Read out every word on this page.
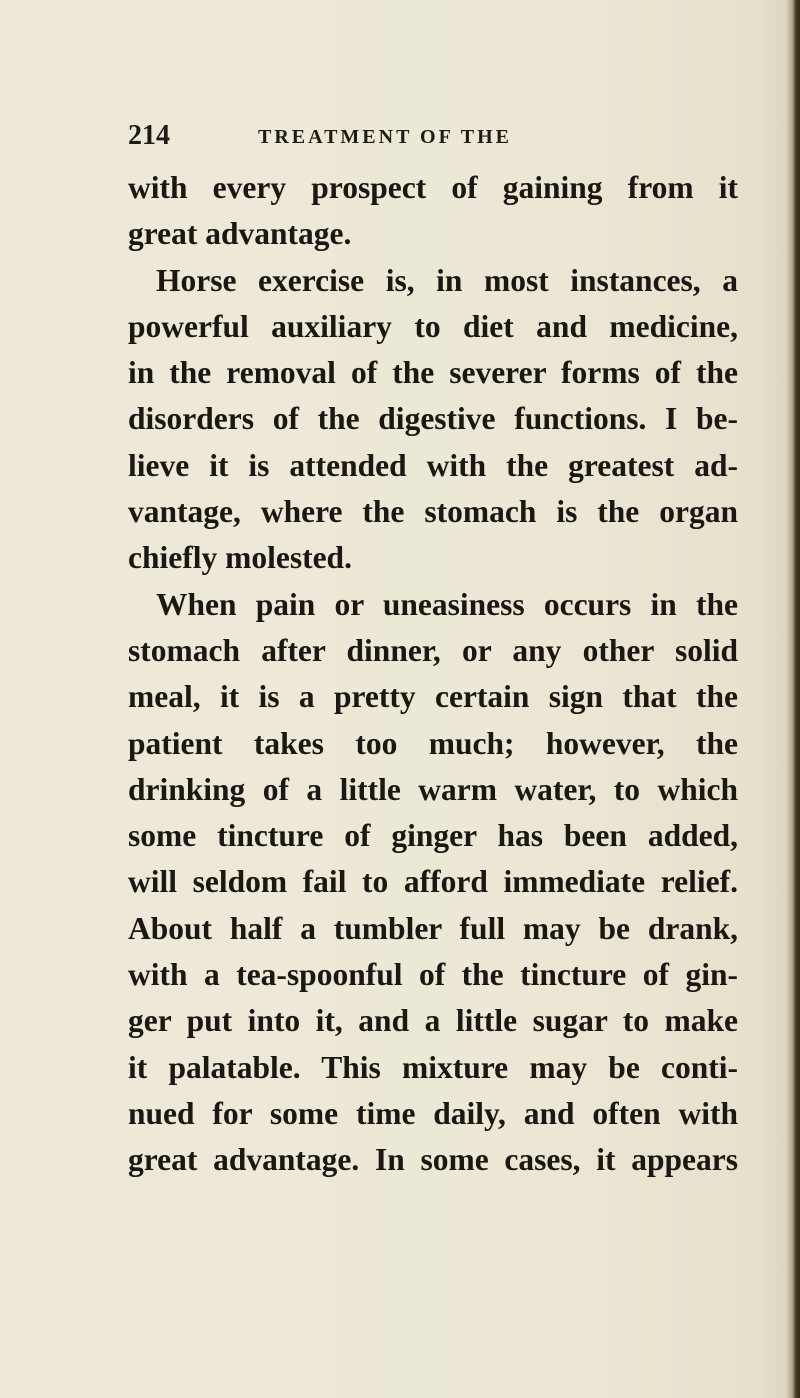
214	TREATMENT OF THE
with every prospect of gaining from it
great advantage.
Horse exercise is, in most instances, a
powerful auxiliary to diet and medicine,
in the removal of the severer forms of the
disorders of the digestive functions. I be-
lieve it is attended with the greatest ad-
vantage, where the stomach is the organ
chiefly molested.
When pain or uneasiness occurs in the
stomach after dinner, or any other solid
meal, it is a pretty certain sign that the
patient takes too much; however, the
drinking of a little warm water, to which
some tincture of ginger has been added,
will seldom fail to afford immediate relief.
About half a tumbler full may be drank,
with a tea-spoonful of the tincture of gin-
ger put into it, and a little sugar to make
it palatable. This mixture may be conti-
nued for some time daily, and often with
great advantage. In some cases, it appears
